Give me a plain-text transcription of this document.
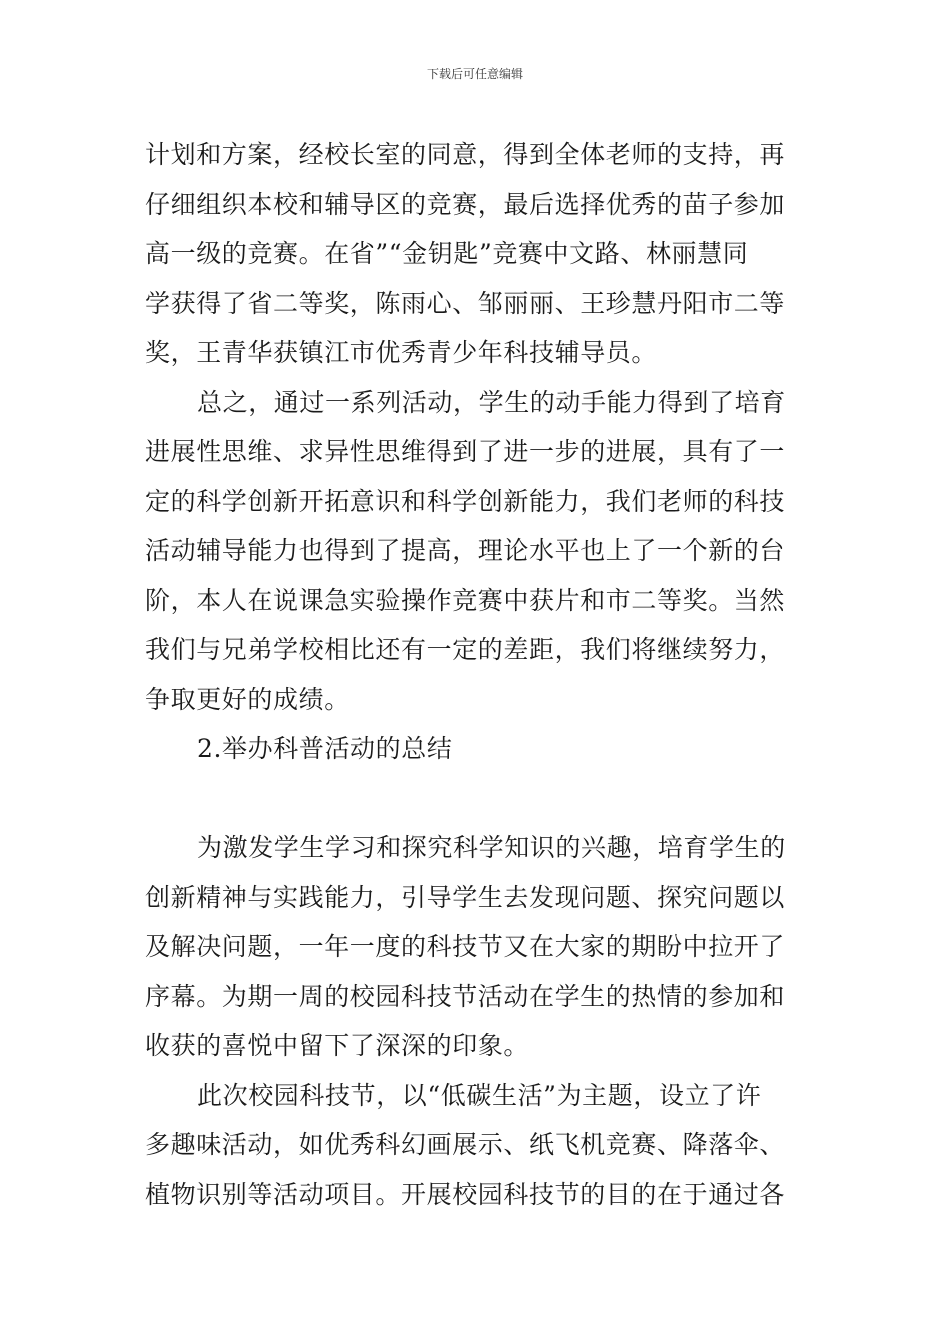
下载后可任意编辑
计划和方案，经校长室的同意，得到全体老师的支持，再
仔细组织本校和辅导区的竞赛，最后选择优秀的苗子参加
高一级的竞赛。在省”“金钥匙”竞赛中文路、林丽慧同
学获得了省二等奖，陈雨心、邹丽丽、王珍慧丹阳市二等
奖，王青华获镇江市优秀青少年科技辅导员。
总之，通过一系列活动，学生的动手能力得到了培育
进展性思维、求异性思维得到了进一步的进展，具有了一
定的科学创新开拓意识和科学创新能力，我们老师的科技
活动辅导能力也得到了提高，理论水平也上了一个新的台
阶，本人在说课急实验操作竞赛中获片和市二等奖。当然
我们与兄弟学校相比还有一定的差距，我们将继续努力，
争取更好的成绩。
2.举办科普活动的总结
为激发学生学习和探究科学知识的兴趣，培育学生的
创新精神与实践能力，引导学生去发现问题、探究问题以
及解决问题，一年一度的科技节又在大家的期盼中拉开了
序幕。为期一周的校园科技节活动在学生的热情的参加和
收获的喜悦中留下了深深的印象。
此次校园科技节，以“低碳生活”为主题，设立了许
多趣味活动，如优秀科幻画展示、纸飞机竞赛、降落伞、
植物识别等活动项目。开展校园科技节的目的在于通过各
